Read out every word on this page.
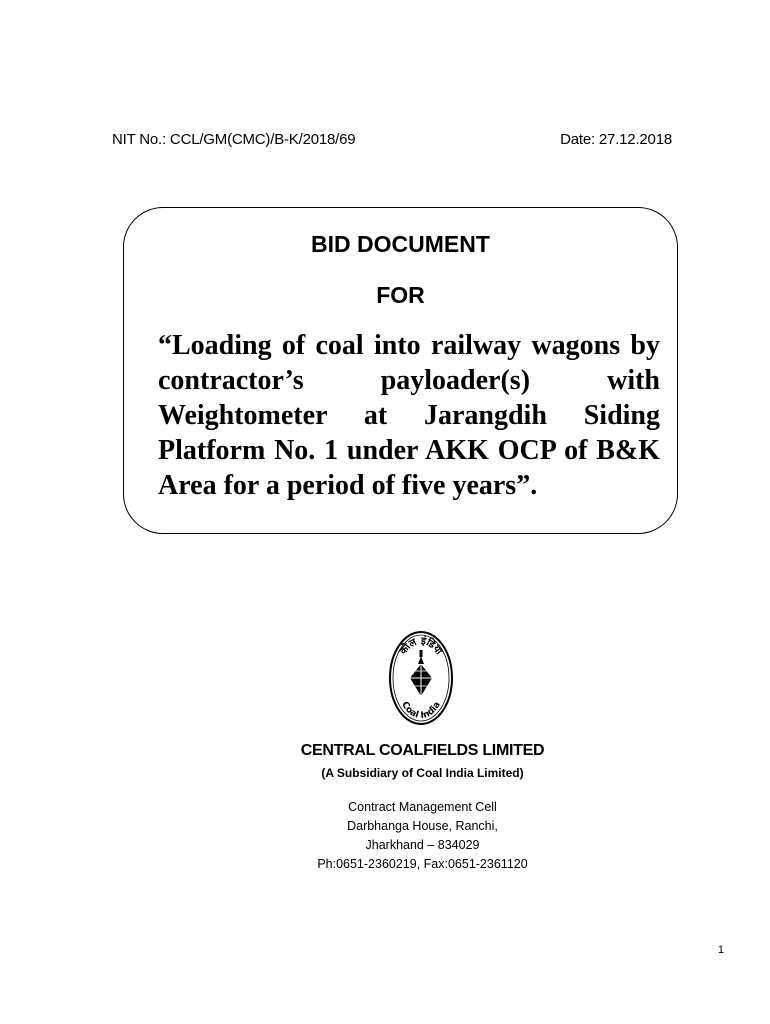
NIT No.: CCL/GM(CMC)/B-K/2018/69	Date: 27.12.2018
BID DOCUMENT
FOR
“Loading of coal into railway wagons by contractor’s payloader(s) with Weightometer at Jarangdih Siding Platform No. 1 under AKK OCP of B&K Area for a period of five years”.
कोल इंडिया
Coal India
CENTRAL COALFIELDS LIMITED
(A Subsidiary of Coal India Limited)
Contract Management Cell
Darbhanga House, Ranchi,
Jharkhand – 834029
Ph:0651-2360219, Fax:0651-2361120
1
